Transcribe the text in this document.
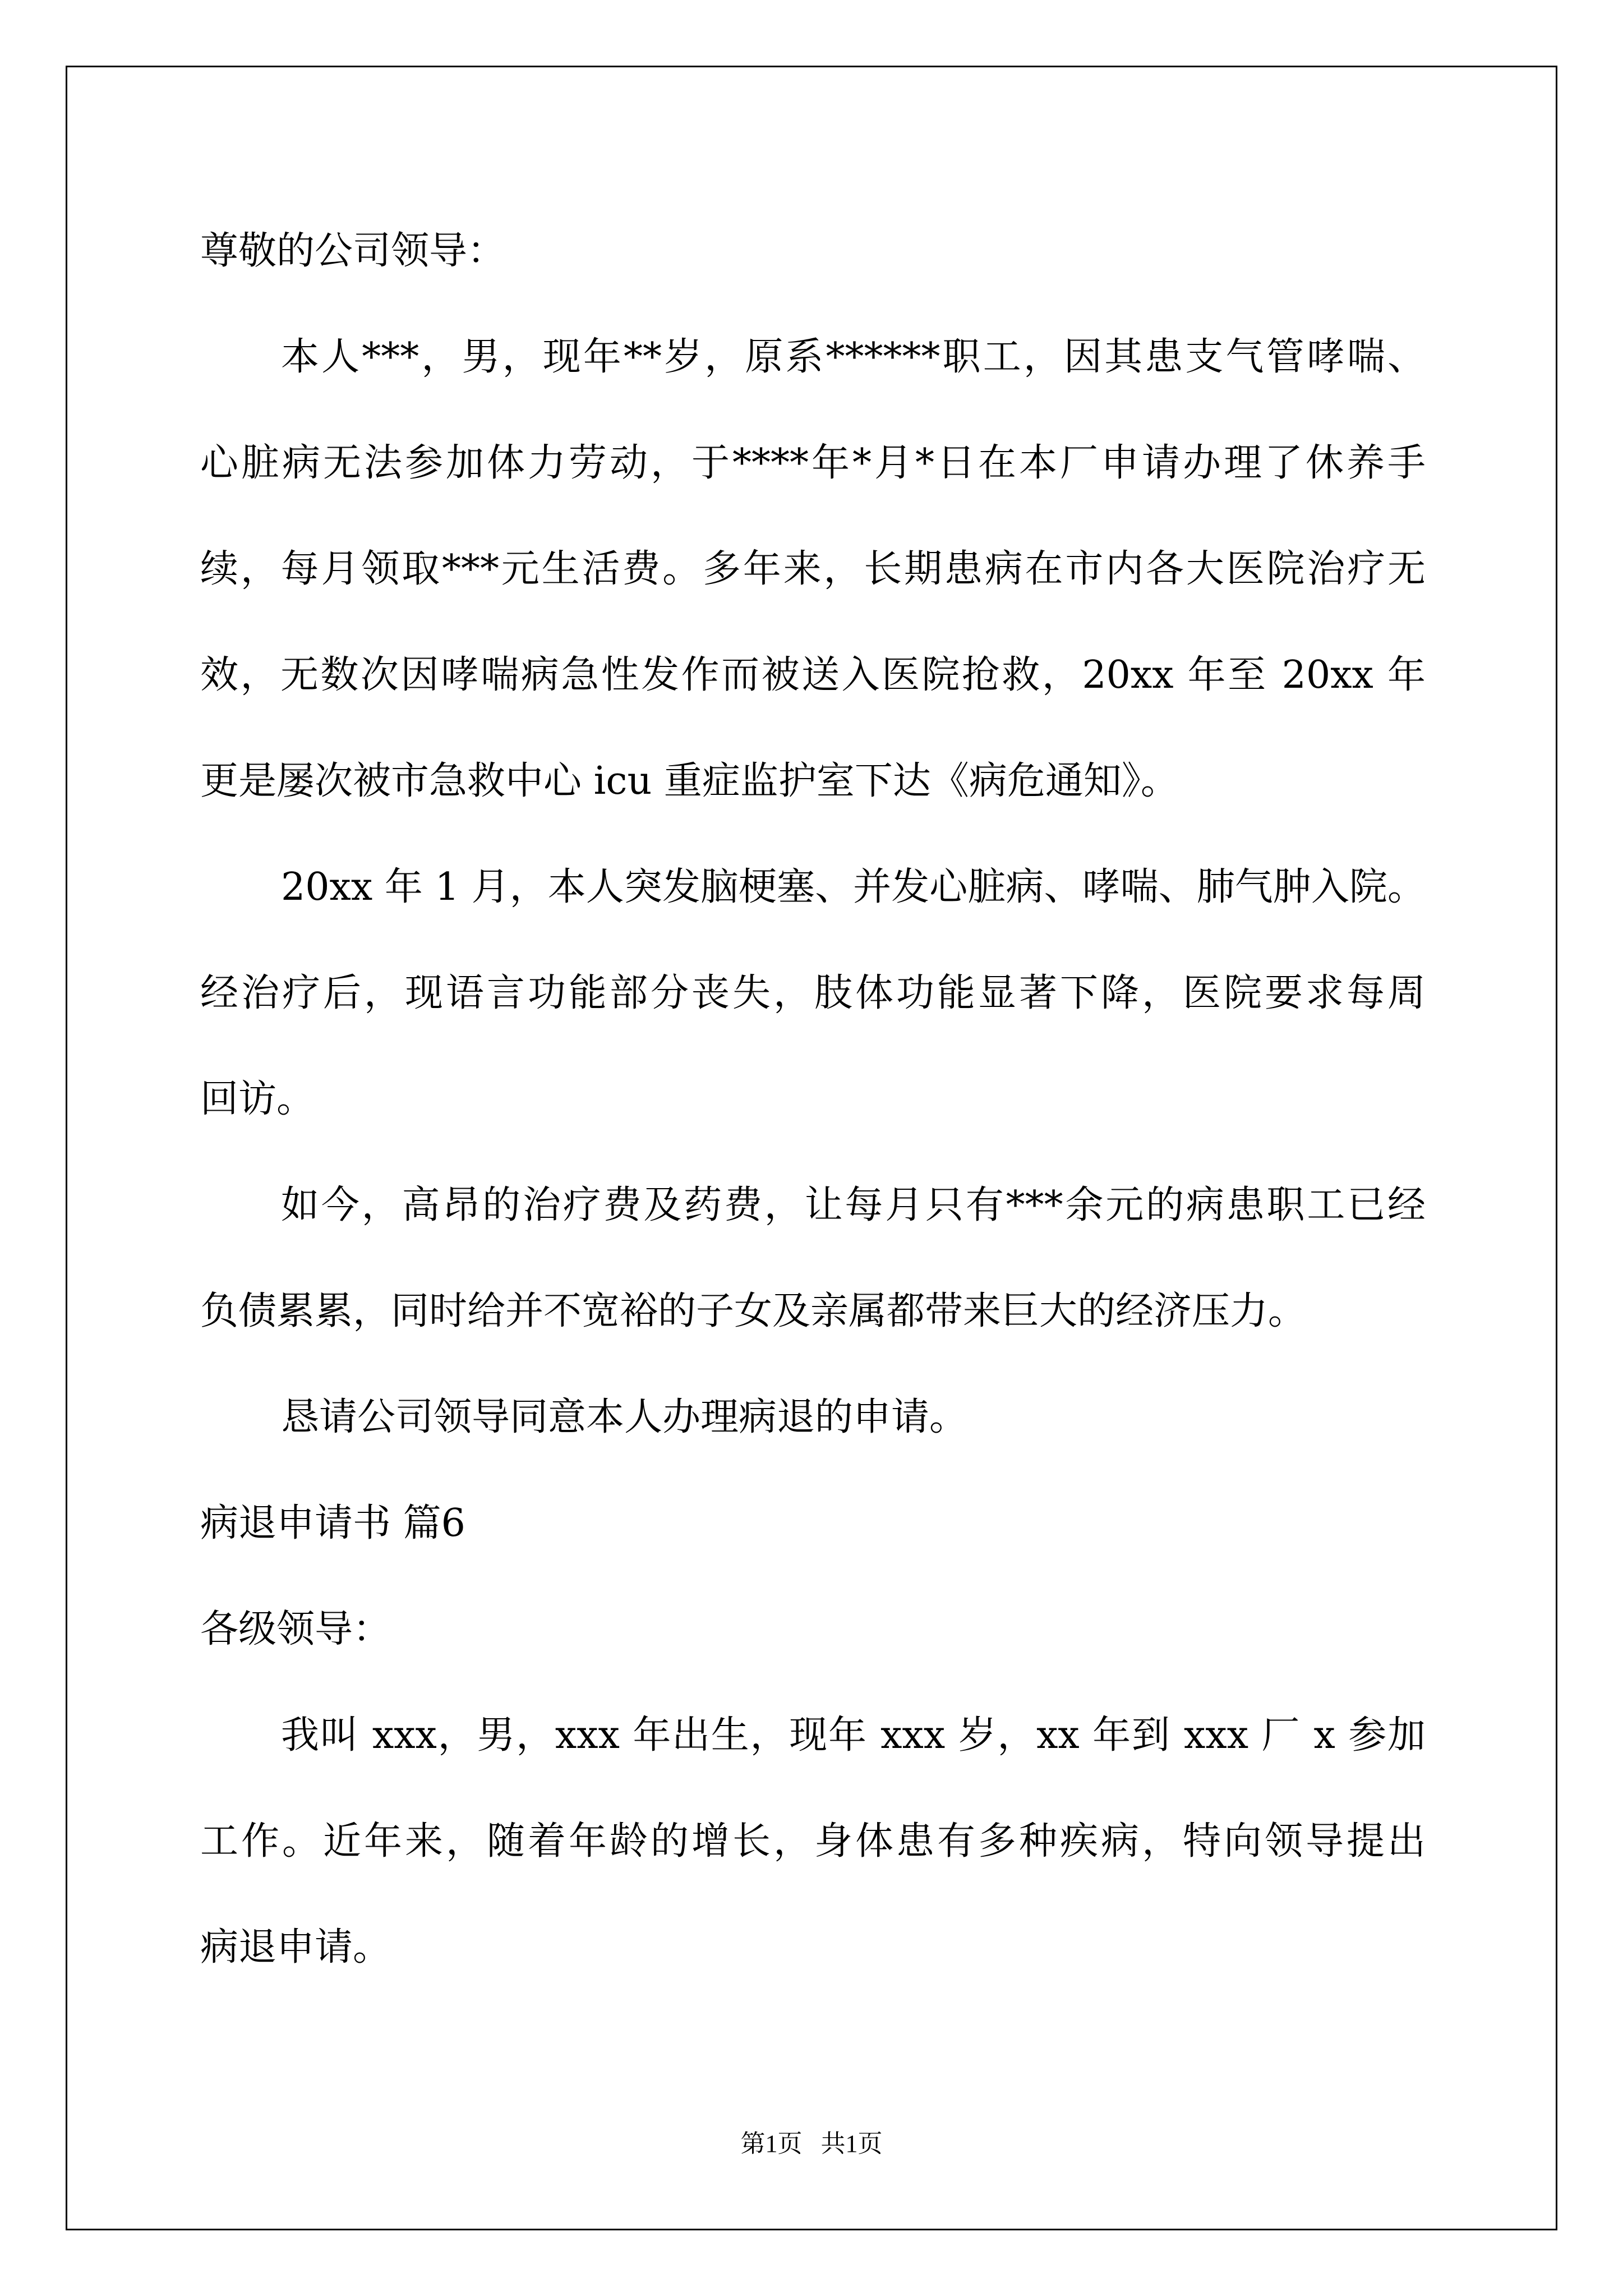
尊敬的公司领导：
本人***，男，现年**岁，原系******职工，因其患支气管哮喘、
心脏病无法参加体力劳动，于****年*月*日在本厂申请办理了休养手
续，每月领取***元生活费。多年来，长期患病在市内各大医院治疗无
效，无数次因哮喘病急性发作而被送入医院抢救，20xx 年至 20xx 年
更是屡次被市急救中心 icu 重症监护室下达《病危通知》。
20xx 年 1 月，本人突发脑梗塞、并发心脏病、哮喘、肺气肿入院。
经治疗后，现语言功能部分丧失，肢体功能显著下降，医院要求每周
回访。
如今，高昂的治疗费及药费，让每月只有***余元的病患职工已经
负债累累，同时给并不宽裕的子女及亲属都带来巨大的经济压力。
恳请公司领导同意本人办理病退的申请。
病退申请书 篇6
各级领导：
我叫 xxx，男，xxx 年出生，现年 xxx 岁，xx 年到 xxx 厂 x 参加
工作。近年来，随着年龄的增长，身体患有多种疾病，特向领导提出
病退申请。
第1页   共1页
